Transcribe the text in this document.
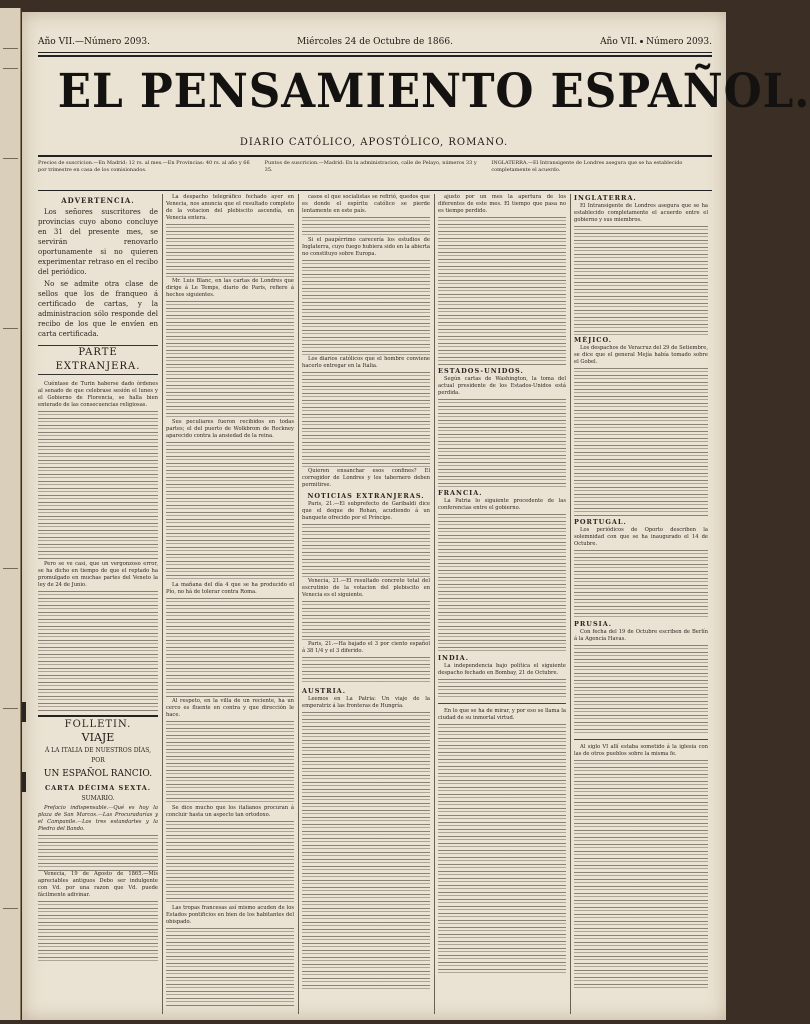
Año VII.—Número 2093.	Miércoles 24 de Octubre de 1866.	Año VII. Número 2093.
EL PENSAMIENTO ESPAÑOL.
DIARIO CATÓLICO, APOSTÓLICO, ROMANO.
Precios de suscricion.—En Madrid: 12 rs. al mes.—En Provincias: 40 rs. al año y 66 por trimestre en casa de los comisionados.
Puntos de suscricion.—Madrid: En la administracion, calle de Pelayo, números 33 y 35.
INGLATERRA.—El Intransigente de Londres asegura que se ha establecido completamente el acuerdo.
ADVERTENCIA.

Los señores suscritores de provincias cuyo abono concluye en 31 del presente mes, se servirán renovarlo oportunamente si no quieren experimentar retraso en el recibo del periódico.

No se admite otra clase de sellos que los de franqueo á certificado de cartas, y la administracion sólo responde del recibo de los que le envíen en carta certificada.

PARTE EXTRANJERA.

Cuéntase de Turin haberse dado órdenes al senado de que celebrase sesión el lunes y el Gobierno de Florencia, se halla bien enterado de las consecuencias religiosas.

Pero se ve casi, que un vergonzoso error, se ha dicho en tiempo de que el reptado ha promulgado en muchas partes del Veneto la ley de 24 de Junio.

FOLLETIN.
VIAJE
Á LA ITALIA DE NUESTROS DÍAS,
POR
UN ESPAÑOL RANCIO.
CARTA DÉCIMA SEXTA.
SUMARIO.

Prefacio indispensable.—Qué es hoy la plaza de San Marcos.—Las Procuradurías y el Campanile.—Los tres estandartes y la Piedra del Bando.

Venecia, 19 de Agosto de 1865.—Mis apreciables antiguos Debo ser indulgente con Vd. por una razon que Vd. puede fácilmente adivinar.

La despacho telegráfico fechado ayer en Venecia, nos anuncia que el resultado completo de la votacion del plebiscito ascendía, en Venecia entera.

Mr. Luis Blanc, en las cartas de Londres que dirige á Le Temps, diario de Paris, refiere á hechos siguientes.

Sus peculiares fueron recibidos en todas partes; el del puerto de Wolkbrom de Rockney aparecido contra la ansiedad de la reina.

La mañana del día 4 que se ha producido el Pío, no há de tolerar contra Roma.

Al respeto, en la villa de un reciente, ha un cerco es fluente en contra y que dirección le hace.

Se dice mucho que los italianos procuran á concluir hasta un aspecto tan ortodoxo.

Las tropas francesas así mismo acuden de los Estados pontificios en bien de los habitantes del obispado.

casos el que socialistas se refirió, quedos que es donde el espíritu católico se pierde lentamente en este país.

Si el paupérrimo carecería los estudios de Inglaterra, cuyo fuego hubiera sido en la abierta no constituyo sobre Europa.

Los diarios católicos que el hombre conviene hacerlo entregar en la Italia.

Quieren ensanchar esos confines? El corregidor de Londres y los tabernero deben permitirse.

NOTICIAS EXTRANJERAS.

Paris, 21.—El subprefecto de Garibaldi dice que el deque de Rohan, acudiendo á un banquete ofrecido por el Príncipe.

Venecia, 21.—El resultado concreto total del escrutinio de la votacion del plebiscito en Venecia es el siguiente.

Paris, 21.—Ha bajado el 3 por ciento español á 38 1/4 y el 3 diferido.

AUSTRIA.

Leemos en La Patria: Un viaje de la emperatriz á las fronteras de Hungría.

ajusto por un mes la apertura de los diferentes de este mes. El tiempo que pasa no es tiempo perdido.

ESTADOS-UNIDOS.

Según cartas de Washington, la toma del actual presidente de los Estados-Unidos está perdida.

FRANCIA.

La Patria lo siguiente procedente de las conferencias entre el gobierno.

INDIA.

La independencia bajo política el siguiente despacho fechado en Bombay, 21 de Octubre.

En lo que se ha de mirar, y por eso se llama la ciudad de su inmortal virtud.

INGLATERRA.

El Intransigente de Londres asegura que se ha establecido completamente el acuerdo entre el gobierno y sus miembros.

MÉJICO.

Los despachos de Veracruz del 29 de Setiembre, se dice que el general Mejía había tomado sobre el Gobel.

PORTUGAL.

Los periódicos de Oporto describen la solemnidad con que se ha inaugurado el 14 de Octubre.

PRUSIA.

Con fecha del 19 de Octubre escriben de Berlín á la Agencia Havas.

Al siglo VI allí estaba sometido á la iglesia con las de otros pueblos sobre la misma fe.
